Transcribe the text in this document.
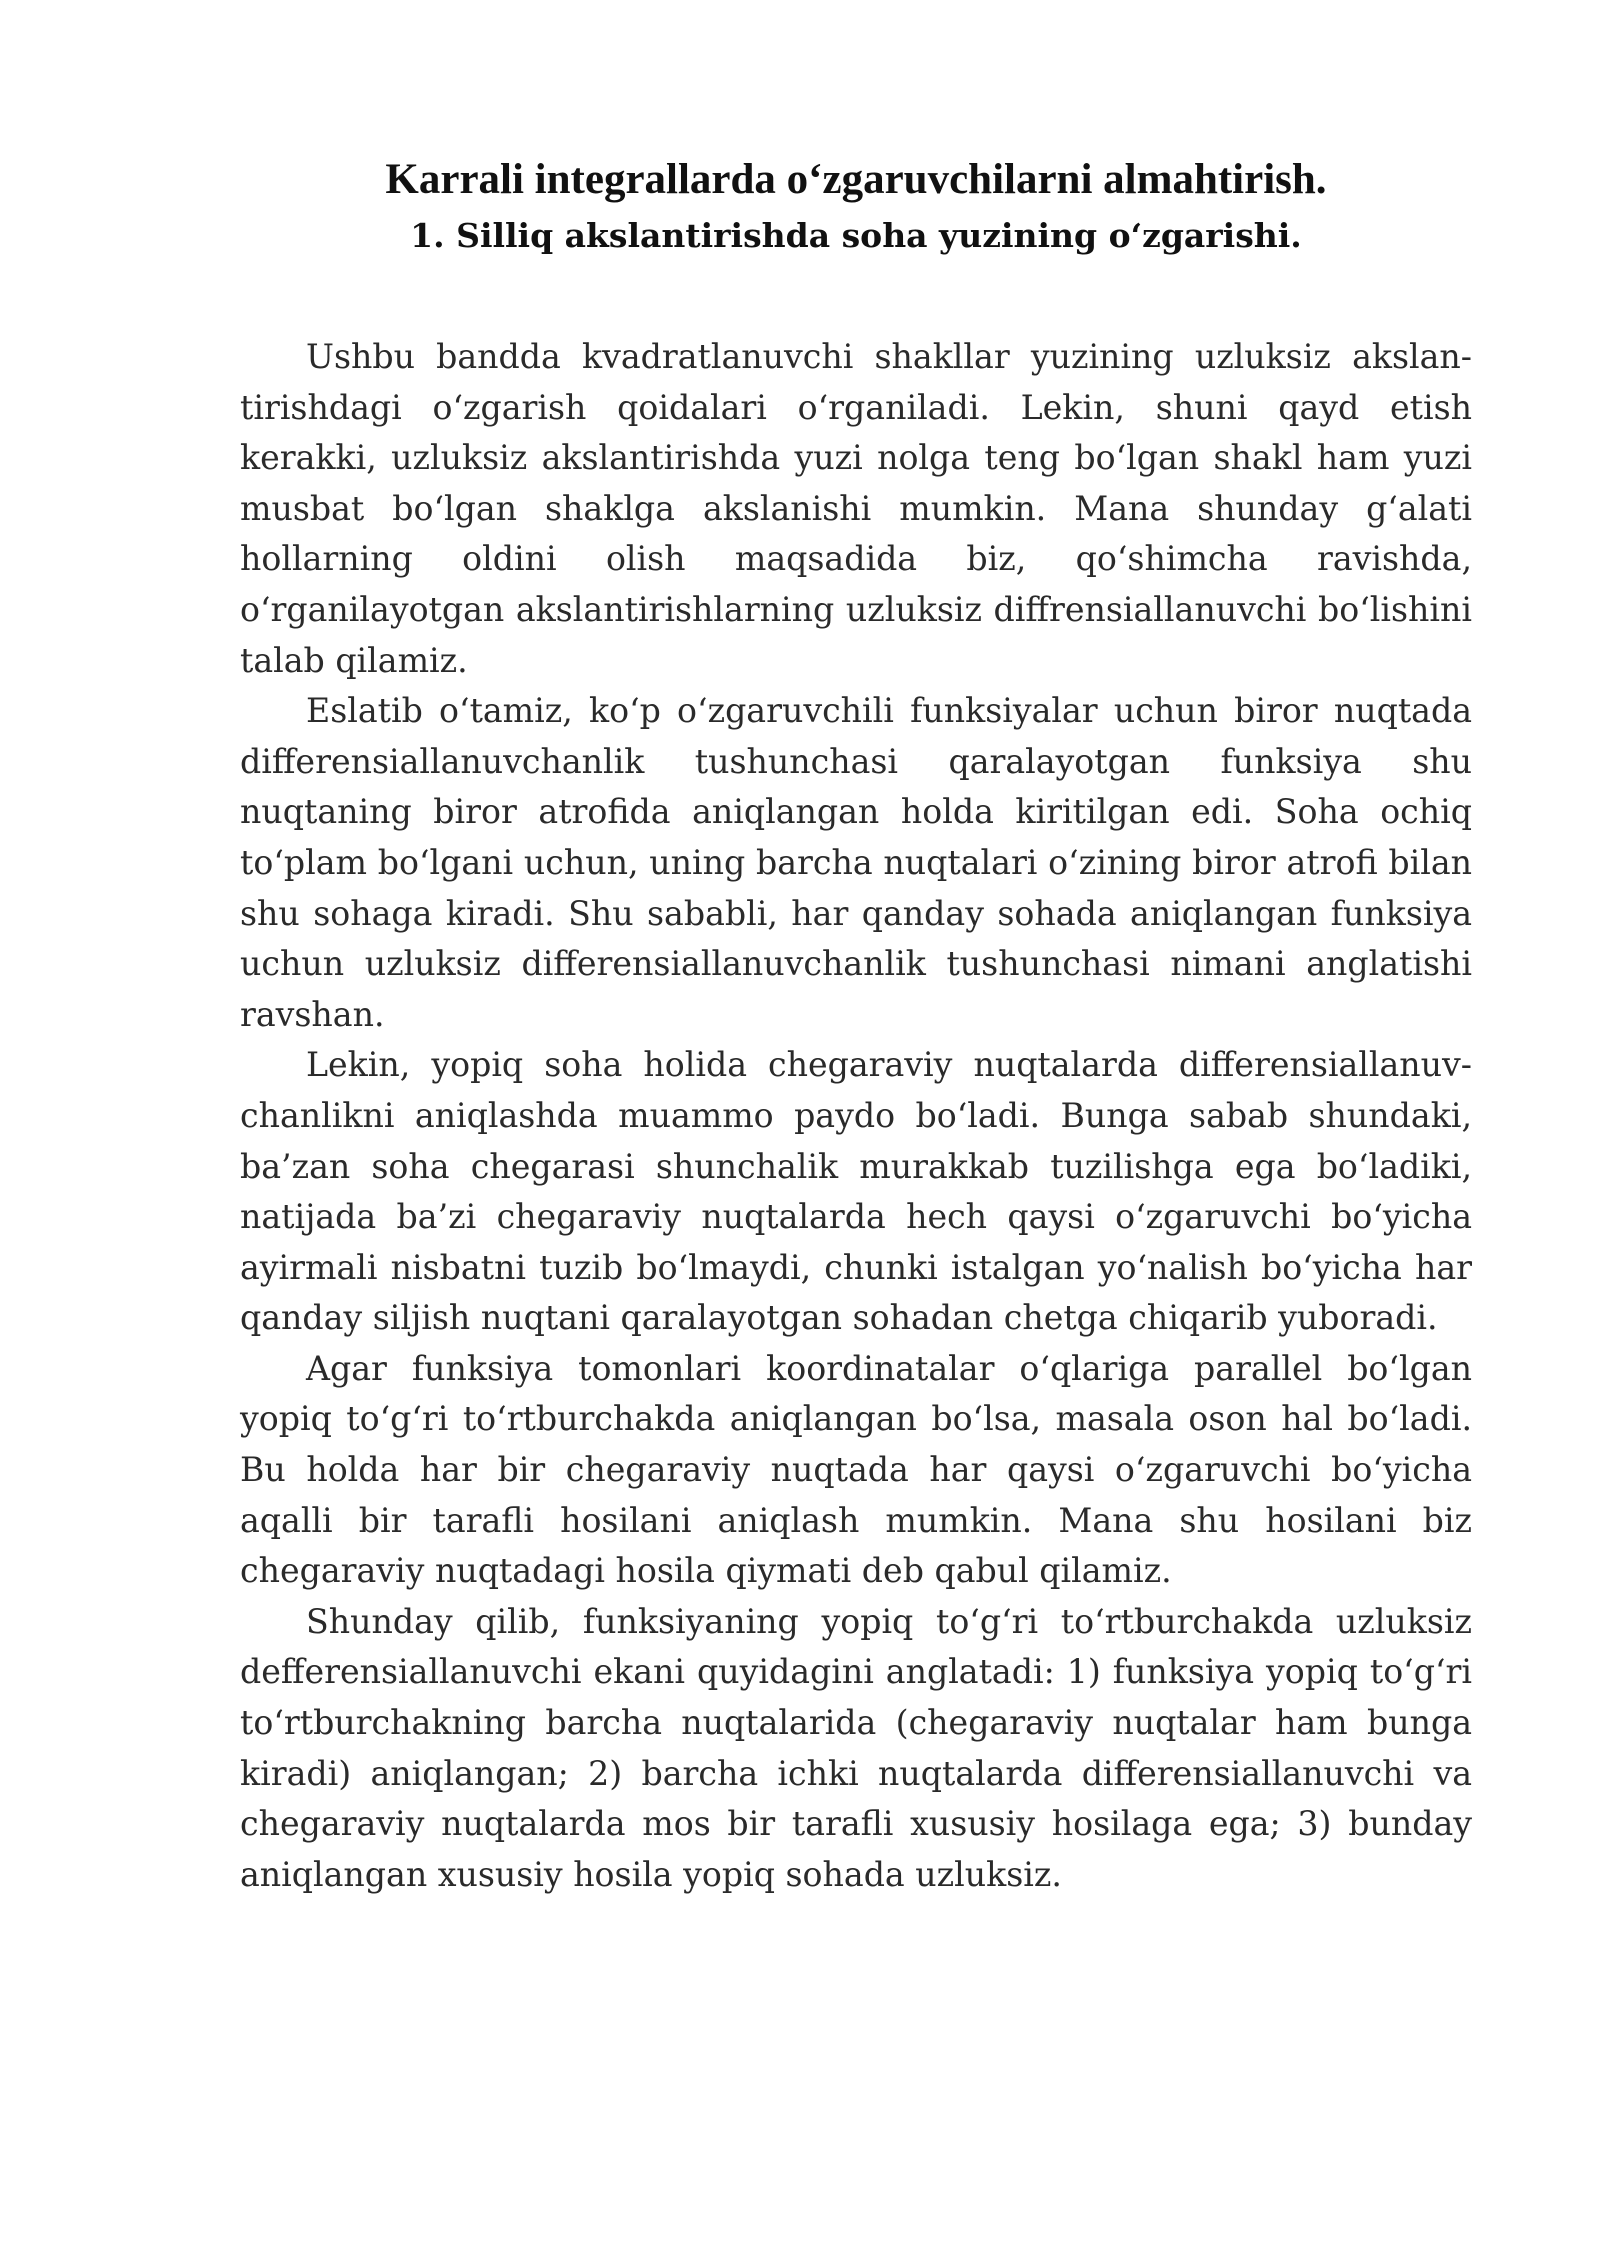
Karrali integrallarda o‘zgaruvchilarni almahtirish.
1. Silliq akslantirishda soha yuzining o‘zgarishi.

Ushbu bandda kvadratlanuvchi shakllar yuzining uzluksiz akslantirishdagi o‘zgarish qoidalari o‘rganiladi. Lekin, shuni qayd etish kerakki, uzluksiz akslantirishda yuzi nolga teng bo‘lgan shakl ham yuzi musbat bo‘lgan shaklga akslanishi mumkin. Mana shunday g‘alati hollarning oldini olish maqsadida biz, qo‘shimcha ravishda, o‘rganilayotgan akslantirishlarning uzluksiz diffrensiallanuvchi bo‘lishini talab qilamiz.

Eslatib o‘tamiz, ko‘p o‘zgaruvchili funksiyalar uchun biror nuqtada differensiallanuvchanlik tushunchasi qaralayotgan funksiya shu nuqtaning biror atrofida aniqlangan holda kiritilgan edi. Soha ochiq to‘plam bo‘lgani uchun, uning barcha nuqtalari o‘zining biror atrofi bilan shu sohaga kiradi. Shu sababli, har qanday sohada aniqlangan funksiya uchun uzluksiz differensiallanuvchanlik tushunchasi nimani anglatishi ravshan.

Lekin, yopiq soha holida chegaraviy nuqtalarda differensiallanuvchanlikni aniqlashda muammo paydo bo‘ladi. Bunga sabab shundaki, ba’zan soha chegarasi shunchalik murakkab tuzilishga ega bo‘ladiki, natijada ba’zi chegaraviy nuqtalarda hech qaysi o‘zgaruvchi bo‘yicha ayirmali nisbatni tuzib bo‘lmaydi, chunki istalgan yo‘nalish bo‘yicha har qanday siljish nuqtani qaralayotgan sohadan chetga chiqarib yuboradi.

Agar funksiya tomonlari koordinatalar o‘qlariga parallel bo‘lgan yopiq to‘g‘ri to‘rtburchakda aniqlangan bo‘lsa, masala oson hal bo‘ladi. Bu holda har bir chegaraviy nuqtada har qaysi o‘zgaruvchi bo‘yicha aqalli bir tarafli hosilani aniqlash mumkin. Mana shu hosilani biz chegaraviy nuqtadagi hosila qiymati deb qabul qilamiz.

Shunday qilib, funksiyaning yopiq to‘g‘ri to‘rtburchakda uzluksiz defferensiallanuvchi ekani quyidagini anglatadi: 1) funksiya yopiq to‘g‘ri to‘rtburchakning barcha nuqtalarida (chegaraviy nuqtalar ham bunga kiradi) aniqlangan; 2) barcha ichki nuqtalarda differensiallanuvchi va chegaraviy nuqtalarda mos bir tarafli xususiy hosilaga ega; 3) bunday aniqlangan xususiy hosila yopiq sohada uzluksiz.
